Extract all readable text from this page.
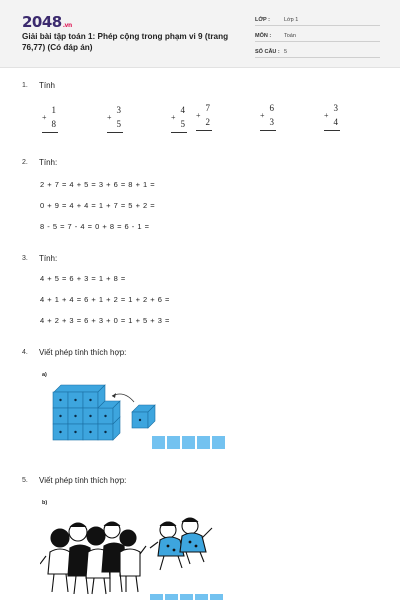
2048.vn
Giải bài tập toán 1: Phép cộng trong phạm vi 9 (trang 76,77) (Có đáp án)
LỚP :	Lớp 1
MÔN : Toán
SỐ CÂU : 5
1. Tính
1
+
8
3
+
5
4
+
5
7
+
2
6
+
3
3
+
4
2. Tính:
2 + 7 = 4 + 5 = 3 + 6 = 8 + 1 =
0 + 9 = 4 + 4 = 1 + 7 = 5 + 2 =
8 - 5 = 7 - 4 = 0 + 8 = 6 - 1 =
3. Tính:
4 + 5 = 6 + 3 = 1 + 8 =
4 + 1 + 4 = 6 + 1 + 2 = 1 + 2 + 6 =
4 + 2 + 3 = 6 + 3 + 0 = 1 + 5 + 3 =
4. Viết phép tính thích hợp:
a)
5. Viết phép tính thích hợp:
b)
